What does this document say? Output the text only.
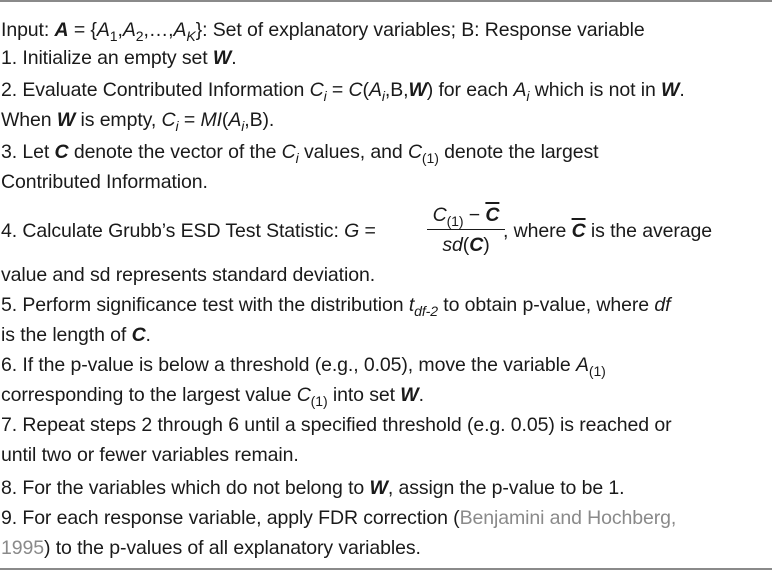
Input: $A = \{A_1,A_2,\dots,A_K\}$: Set of explanatory variables; B: Response variable
1. Initialize an empty set W.
2. Evaluate Contributed Information $C_i = C(A_i,B,W)$ for each $A_i$ which is not in W.
When W is empty, $C_i = MI(A_i,B)$.
3. Let C denote the vector of the $C_i$ values, and $C_{(1)}$ denote the largest
Contributed Information.
4. Calculate Grubb’s ESD Test Statistic: G =
$C_{(1)} - \overline{C}$
sd(C)
, where $\overline{C}$ is the average
value and sd represents standard deviation.
5. Perform significance test with the distribution $t_{df-2}$ to obtain p-value, where df
is the length of C.
6. If the p-value is below a threshold (e.g., 0.05), move the variable $A_{(1)}$
corresponding to the largest value $C_{(1)}$ into set W.
7. Repeat steps 2 through 6 until a specified threshold (e.g. 0.05) is reached or
until two or fewer variables remain.
8. For the variables which do not belong to W, assign the p-value to be 1.
9. For each response variable, apply FDR correction (Benjamini and Hochberg,
1995) to the p-values of all explanatory variables.
